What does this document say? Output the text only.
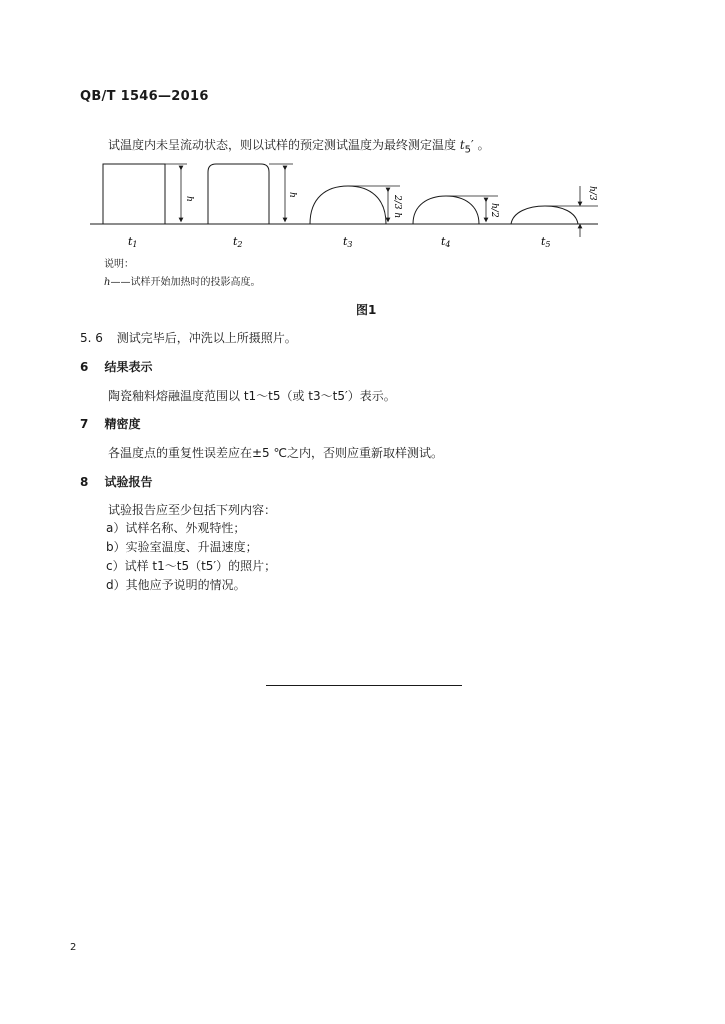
QB/T 1546—2016
试温度内未呈流动状态，则以试样的预定测试温度为最终测定温度 $t_5'$ 。
h
h
2/3 h	h/2
h/3
t1	t2	t3	t4	t5
说明：
h——试样开始加热时的投影高度。
图1
5. 6 测试完毕后，冲洗以上所摄照片。
6 结果表示
陶瓷釉料熔融温度范围以 t1～t5（或 t3～t5′）表示。
7 精密度
各温度点的重复性误差应在±5 ℃之内，否则应重新取样测试。
8 试验报告
试验报告应至少包括下列内容：
a）试样名称、外观特性；
b）实验室温度、升温速度；
c）试样 t1～t5（t5′）的照片；
d）其他应予说明的情况。
2
